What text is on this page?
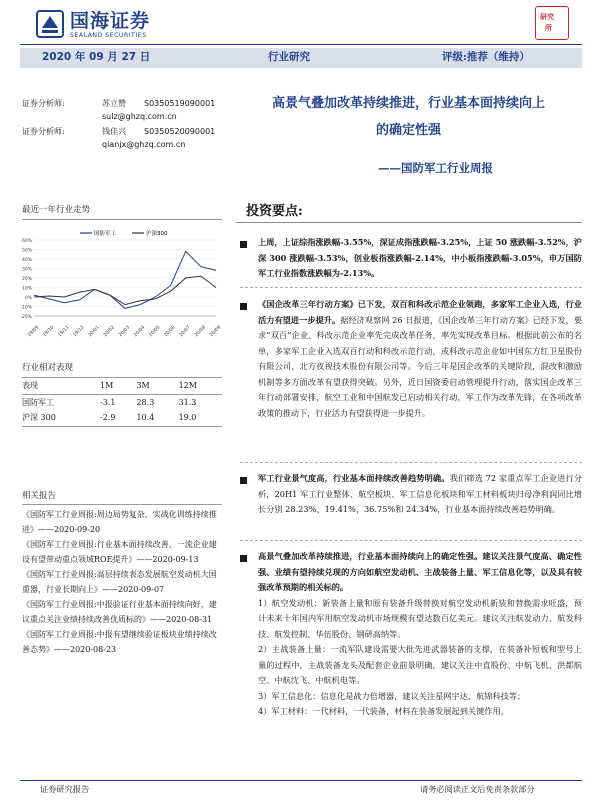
国海证券
SEALAND SECURITIES
研究
所
2020 年 09 月 27 日	行业研究	评级:推荐（维持）
证券分析师:	苏立赞 S0350519090001
sulz@ghzq.com.cn
证券分析师:	钱佳兴 S0350520090001
qianjx@ghzq.com.cn
高景气叠加改革持续推进，行业基本面持续向上
的确定性强
——国防军工行业周报
最近一年行业走势
-20%
-10%
0%
10%
20%
30%
40%
50%
60%
19/09 19/10 19/11 19/12 20/01 20/02 20/03 20/04 20/05 20/06 20/07 20/08 20/09
国防军工	沪深300
行业相对表现
表现	1M	3M	12M
国防军工	-3.1	28.3	31.3
沪深 300	-2.9	10.4	19.0
相关报告
《国防军工行业周报:周边局势复杂，实战化训练持续推进》——2020-09-20
《国防军工行业周报:行业基本面持续改善，一流企业建设有望带动重点领域ROE提升》——2020-09-13
《国防军工行业周报:高层持续表态发展航空发动机大国重器，行业长期向上》——2020-09-07
《国防军工行业周报:中报验证行业基本面持续向好，建议重点关注业绩持续改善优质标的》——2020-08-31
《国防军工行业周报:中报有望继续验证板块业绩持续改善态势》——2020-08-23
投资要点:
上周，上证综指涨跌幅-3.55%，深证成指涨跌幅-3.25%，上证 50 涨跌幅-3.52%，沪深 300 涨跌幅-3.53%，创业板指涨跌幅-2.14%，中小板指涨跌幅-3.05%，申万国防军工行业指数涨跌幅为-2.13%。
《国企改革三年行动方案》已下发，双百和科改示范企业领跑，多家军工企业入选，行业活力有望进一步提升。据经济观察网 26 日报道，《国企改革三年行动方案》已经下发，要求“双百”企业、科改示范企业率先完成改革任务，率先实现改革目标。根据此前公布的名单，多家军工企业入选双百行动和科改示范行动，或科改示范企业如中国东方红卫星股份有限公司、北方夜视技术股份有限公司等。今后三年是国企改革的关键阶段，混改和激励机制等多方面改革有望获得突破。另外，近日国资委启动管理提升行动，落实国企改革三年行动部署安排，航空工业和中国航发已启动相关行动，军工作为改革先锋，在各项改革政策的推动下，行业活力有望获得进一步提升。
军工行业景气度高，行业基本面持续改善趋势明确。我们筛选 72 家重点军工企业进行分析，20H1 军工行业整体、航空板块、军工信息化板块和军工材料板块归母净利润同比增长分别 28.23%、19.41%、36.75%和 24.34%，行业基本面持续改善趋势明确。
高景气叠加改革持续推进，行业基本面持续向上的确定性强。建议关注景气度高、确定性强、业绩有望持续兑现的方向如航空发动机、主战装备上量、军工信息化等，以及具有较强改革预期的相关标的。
1）航空发动机：新装备上量和原有装备升级替换对航空发动机新装和替换需求旺盛，预计未来十年国内军用航空发动机市场规模有望达数百亿美元。建议关注航发动力、航发科技、航发控制、华伍股份、钢研高纳等。
2）主战装备上量：一流军队建设需要大批先进武器装备的支撑，在装备补短板和型号上量的过程中，主战装备龙头及配套企业前景明确，建议关注中直股份、中航飞机、洪都航空、中航沈飞、中航机电等。
3）军工信息化：信息化是战力倍增器，建议关注星网宇达、航锦科技等；
4）军工材料：一代材料，一代装备，材料在装备发展起到关键作用，
证券研究报告	请务必阅读正文后免责条款部分
